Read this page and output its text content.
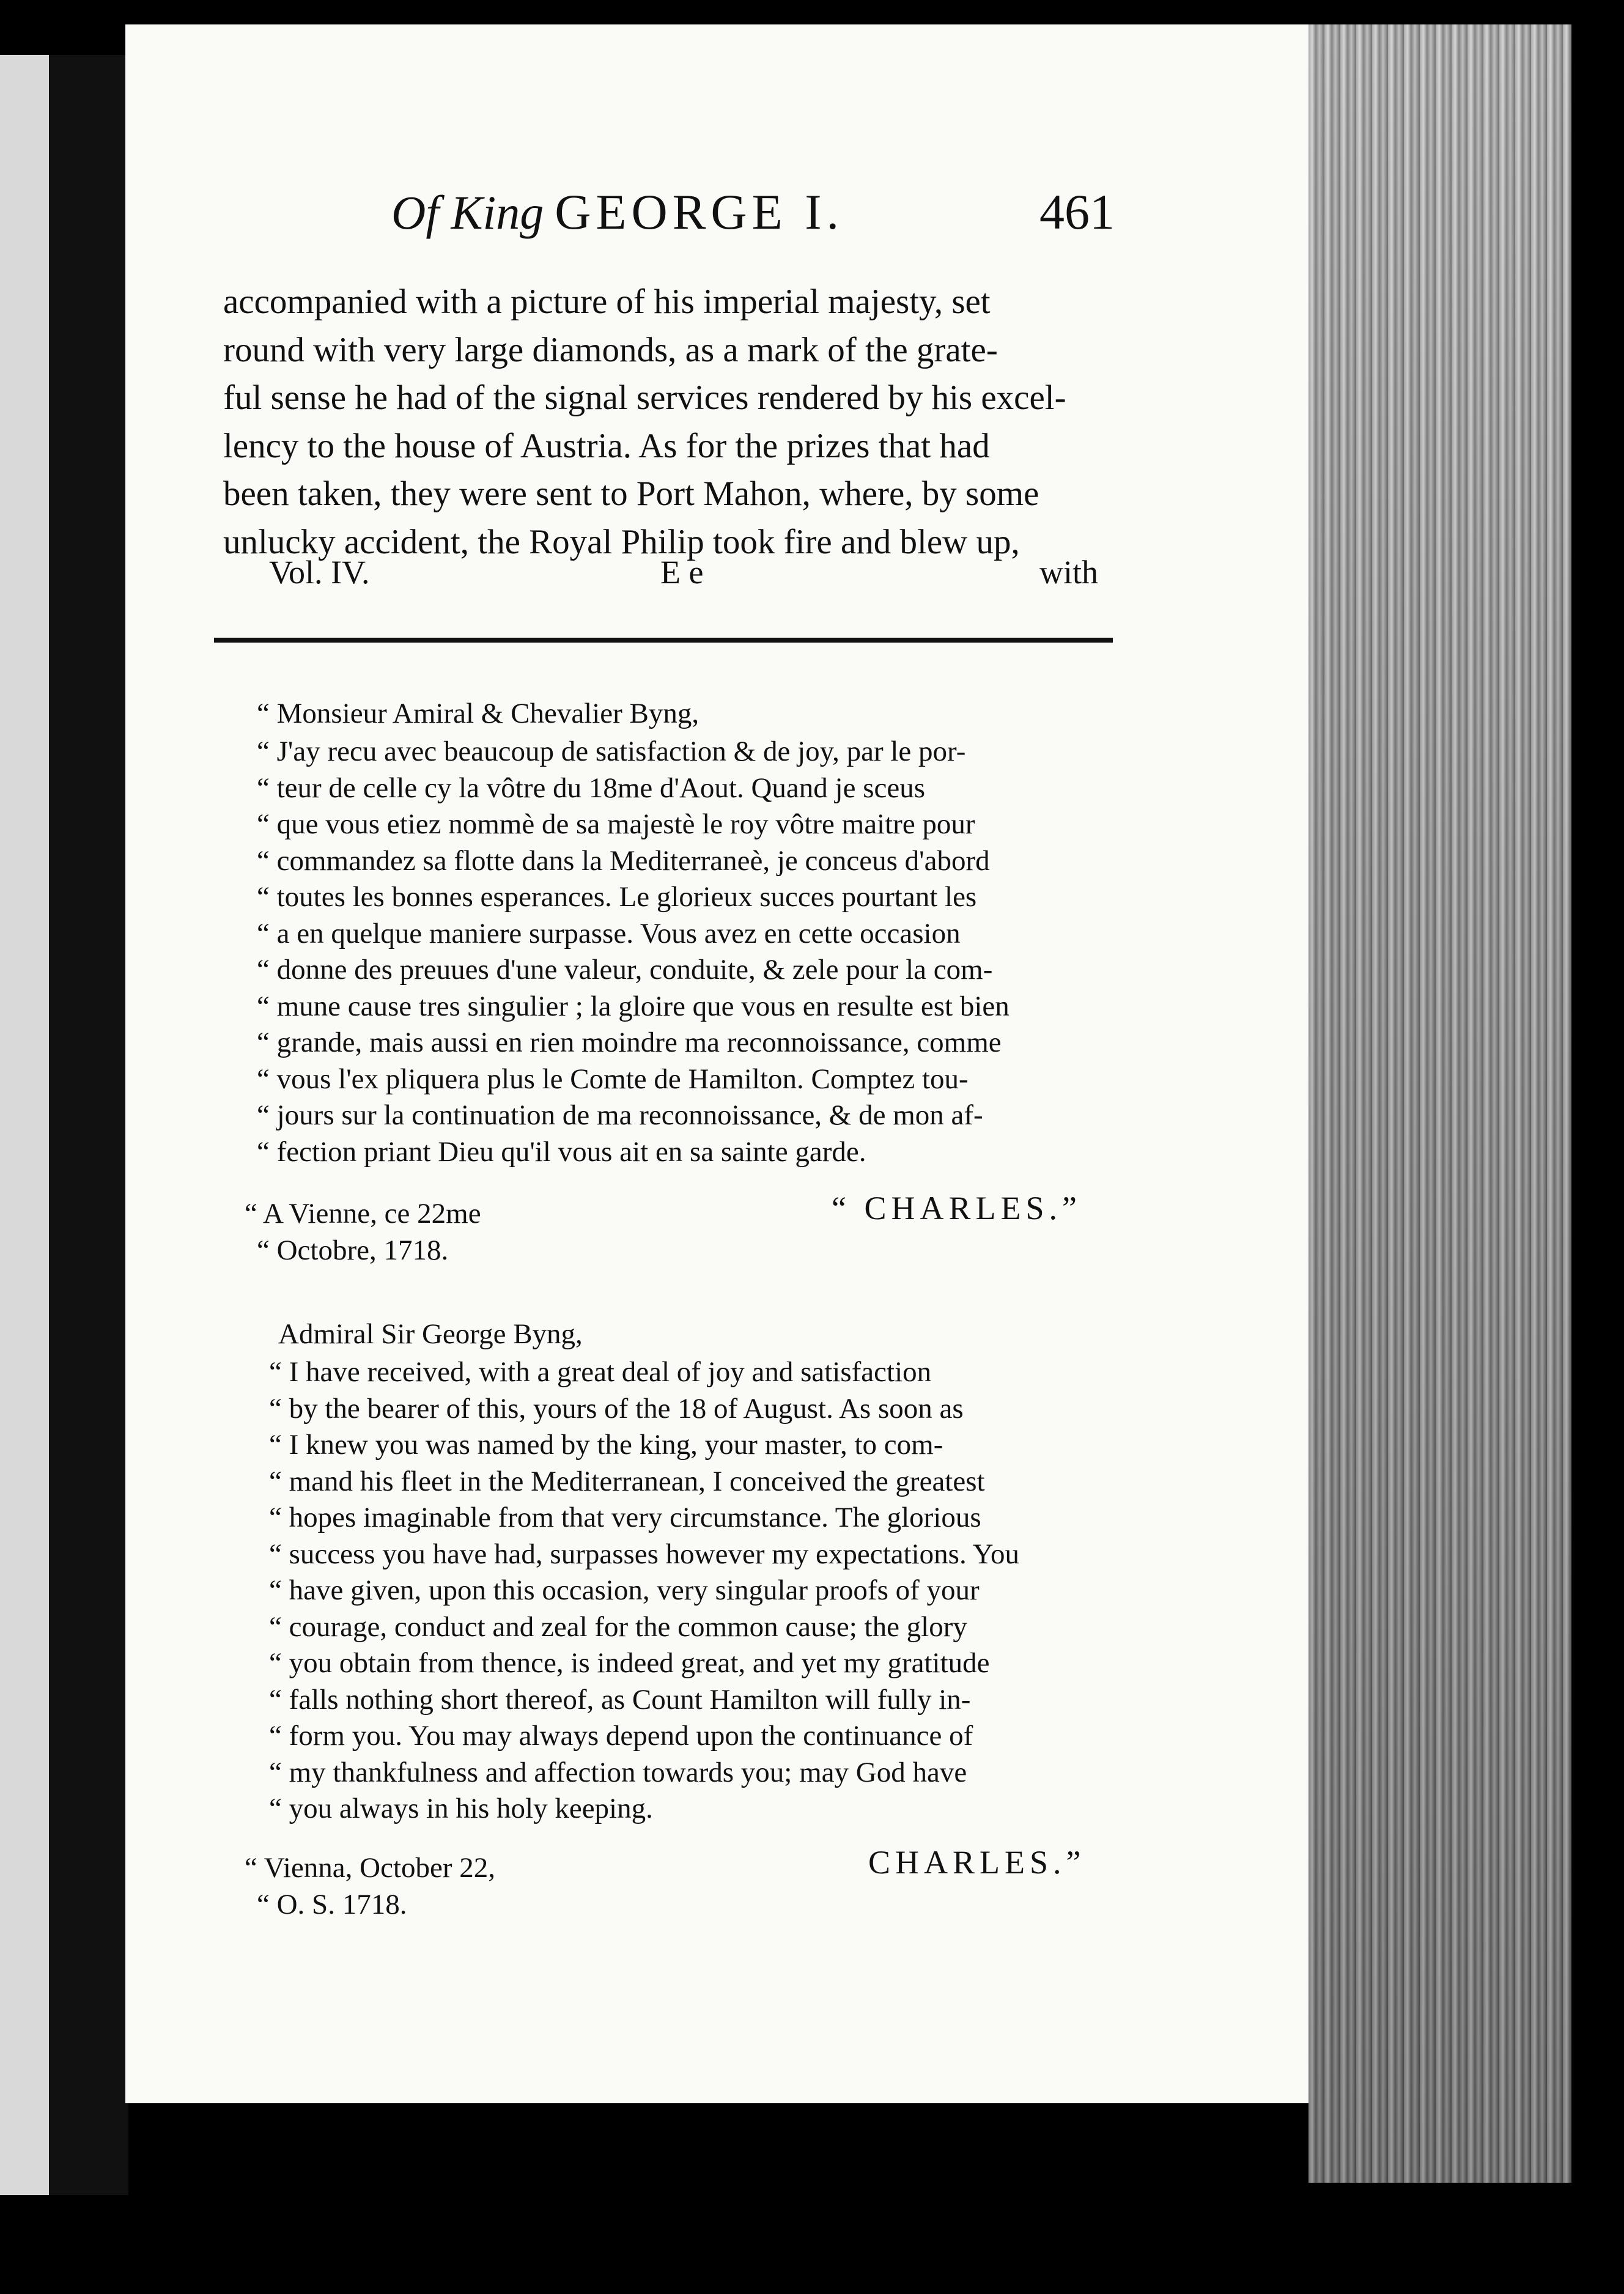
Of King GEORGE I.	461
accompanied with a picture of his imperial majesty, set
round with very large diamonds, as a mark of the grate-
ful sense he had of the signal services rendered by his excel-
lency to the house of Austria. As for the prizes that had
been taken, they were sent to Port Mahon, where, by some
unlucky accident, the Royal Philip took fire and blew up,
Vol. IV.	E e	with
“ Monsieur Amiral & Chevalier Byng,
“ J'ay recu avec beaucoup de satisfaction & de joy, par le por-
“ teur de celle cy la vôtre du 18me d'Aout. Quand je sceus
“ que vous etiez nommè de sa majestè le roy vôtre maitre pour
“ commandez sa flotte dans la Mediterraneè, je conceus d'abord
“ toutes les bonnes esperances. Le glorieux succes pourtant les
“ a en quelque maniere surpasse. Vous avez en cette occasion
“ donne des preuues d'une valeur, conduite, & zele pour la com-
“ mune cause tres singulier ; la gloire que vous en resulte est bien
“ grande, mais aussi en rien moindre ma reconnoissance, comme
“ vous l'ex pliquera plus le Comte de Hamilton. Comptez tou-
“ jours sur la continuation de ma reconnoissance, & de mon af-
“ fection priant Dieu qu'il vous ait en sa sainte garde.
“ A Vienne, ce 22me
“ Octobre, 1718.
“ CHARLES.”
Admiral Sir George Byng,
“ I have received, with a great deal of joy and satisfaction
“ by the bearer of this, yours of the 18 of August. As soon as
“ I knew you was named by the king, your master, to com-
“ mand his fleet in the Mediterranean, I conceived the greatest
“ hopes imaginable from that very circumstance. The glorious
“ success you have had, surpasses however my expectations. You
“ have given, upon this occasion, very singular proofs of your
“ courage, conduct and zeal for the common cause; the glory
“ you obtain from thence, is indeed great, and yet my gratitude
“ falls nothing short thereof, as Count Hamilton will fully in-
“ form you. You may always depend upon the continuance of
“ my thankfulness and affection towards you; may God have
“ you always in his holy keeping.
“ Vienna, October 22,
“ O. S. 1718.
CHARLES.”
